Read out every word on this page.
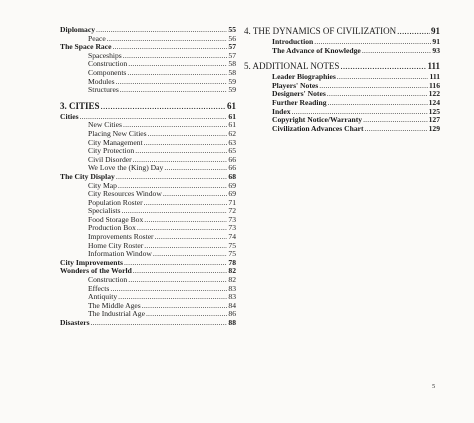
Diplomacy .....	55
Peace .....	56
The Space Race .....	57
Spaceships .....	57
Construction .....	58
Components .....	58
Modules .....	59
Structures .....	59
3. CITIES .....	61
Cities .....	61
New Cities .....	61
Placing New Cities .....	62
City Management .....	63
City Protection .....	65
Civil Disorder .....	66
We Love the (King) Day .....	66
The City Display .....	68
City Map .....	69
City Resources Window .....	69
Population Roster .....	71
Specialists .....	72
Food Storage Box .....	73
Production Box .....	73
Improvements Roster .....	74
Home City Roster .....	75
Information Window .....	75
City Improvements .....	78
Wonders of the World .....	82
Construction .....	82
Effects .....	83
Antiquity .....	83
The Middle Ages .....	84
The Industrial Age .....	86
Disasters .....	88
4. THE DYNAMICS OF CIVILIZATION .....	91
Introduction .....	91
The Advance of Knowledge .....	93
5. ADDITIONAL NOTES .....	111
Leader Biographies .....	111
Players' Notes .....	116
Designers' Notes .....	122
Further Reading .....	124
Index .....	125
Copyright Notice/Warranty .....	127
Civilization Advances Chart .....	129
5
